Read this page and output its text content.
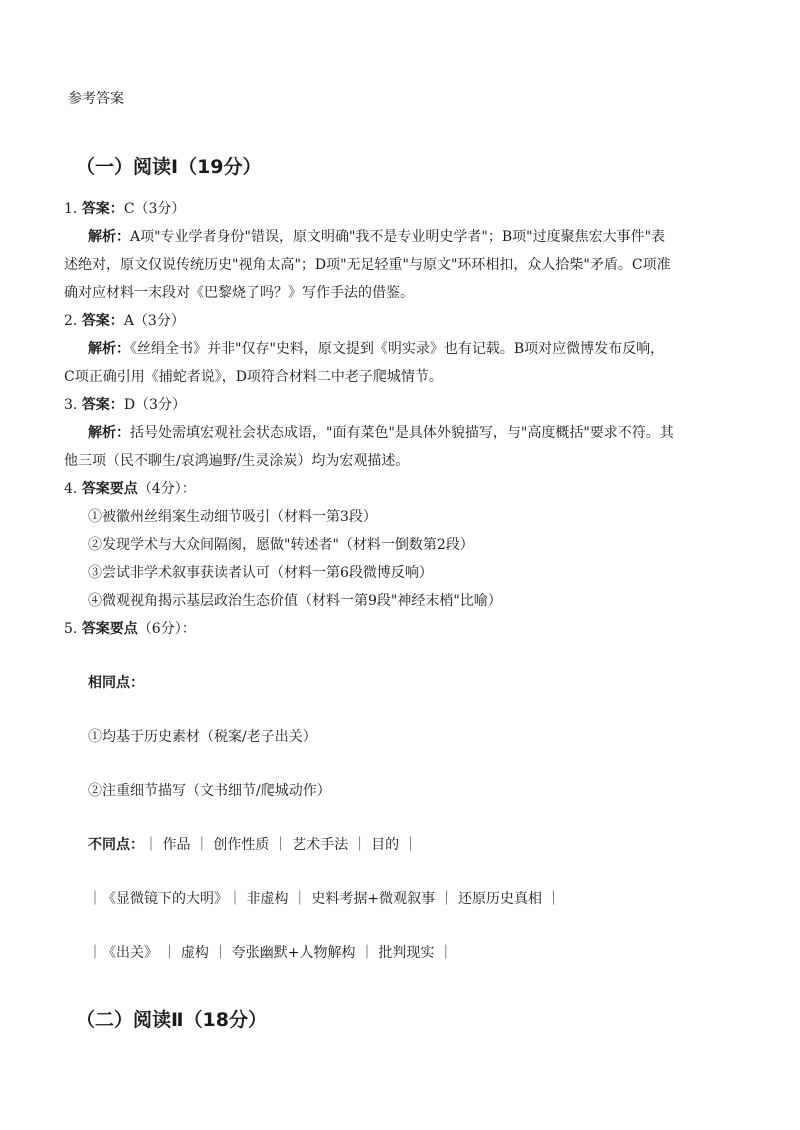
参考答案
（一）阅读Ⅰ（19分）
1. 答案：C（3分）
解析：A项"专业学者身份"错误，原文明确"我不是专业明史学者"；B项"过度聚焦宏大事件"表
述绝对，原文仅说传统历史"视角太高"；D项"无足轻重"与原文"环环相扣，众人拾柴"矛盾。C项准
确对应材料一末段对《巴黎烧了吗？》写作手法的借鉴。
2. 答案：A（3分）
解析：《丝绢全书》并非"仅存"史料，原文提到《明实录》也有记载。B项对应微博发布反响，
C项正确引用《捕蛇者说》，D项符合材料二中老子爬城情节。
3. 答案：D（3分）
解析：括号处需填宏观社会状态成语，"面有菜色"是具体外貌描写，与"高度概括"要求不符。其
他三项（民不聊生/哀鸿遍野/生灵涂炭）均为宏观描述。
4. 答案要点（4分）：
①被徽州丝绢案生动细节吸引（材料一第3段）
②发现学术与大众间隔阂，愿做"转述者"（材料一倒数第2段）
③尝试非学术叙事获读者认可（材料一第6段微博反响）
④微观视角揭示基层政治生态价值（材料一第9段"神经末梢"比喻）
5. 答案要点（6分）：
相同点：
①均基于历史素材（税案/老子出关）
②注重细节描写（文书细节/爬城动作）
不同点：｜ 作品 ｜ 创作性质 ｜ 艺术手法 ｜ 目的 ｜
｜《显微镜下的大明》｜ 非虚构 ｜ 史料考据+微观叙事 ｜ 还原历史真相 ｜
｜《出关》 ｜ 虚构 ｜ 夸张幽默+人物解构 ｜ 批判现实 ｜
（二）阅读Ⅱ（18分）
